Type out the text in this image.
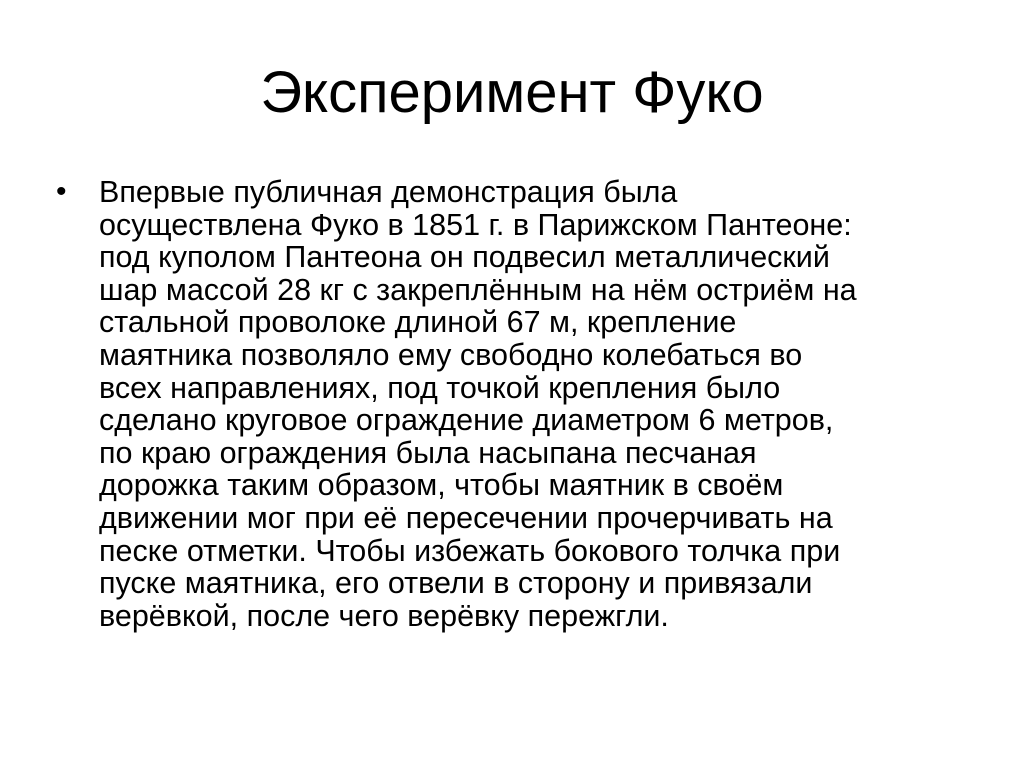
Эксперимент Фуко
•	Впервые публичная демонстрация была
осуществлена Фуко в 1851 г. в Парижском Пантеоне:
под куполом Пантеона он подвесил металлический
шар массой 28 кг с закреплённым на нём остриём на
стальной проволоке длиной 67 м, крепление
маятника позволяло ему свободно колебаться во
всех направлениях, под точкой крепления было
сделано круговое ограждение диаметром 6 метров,
по краю ограждения была насыпана песчаная
дорожка таким образом, чтобы маятник в своём
движении мог при её пересечении прочерчивать на
песке отметки. Чтобы избежать бокового толчка при
пуске маятника, его отвели в сторону и привязали
верёвкой, после чего верёвку пережгли.
